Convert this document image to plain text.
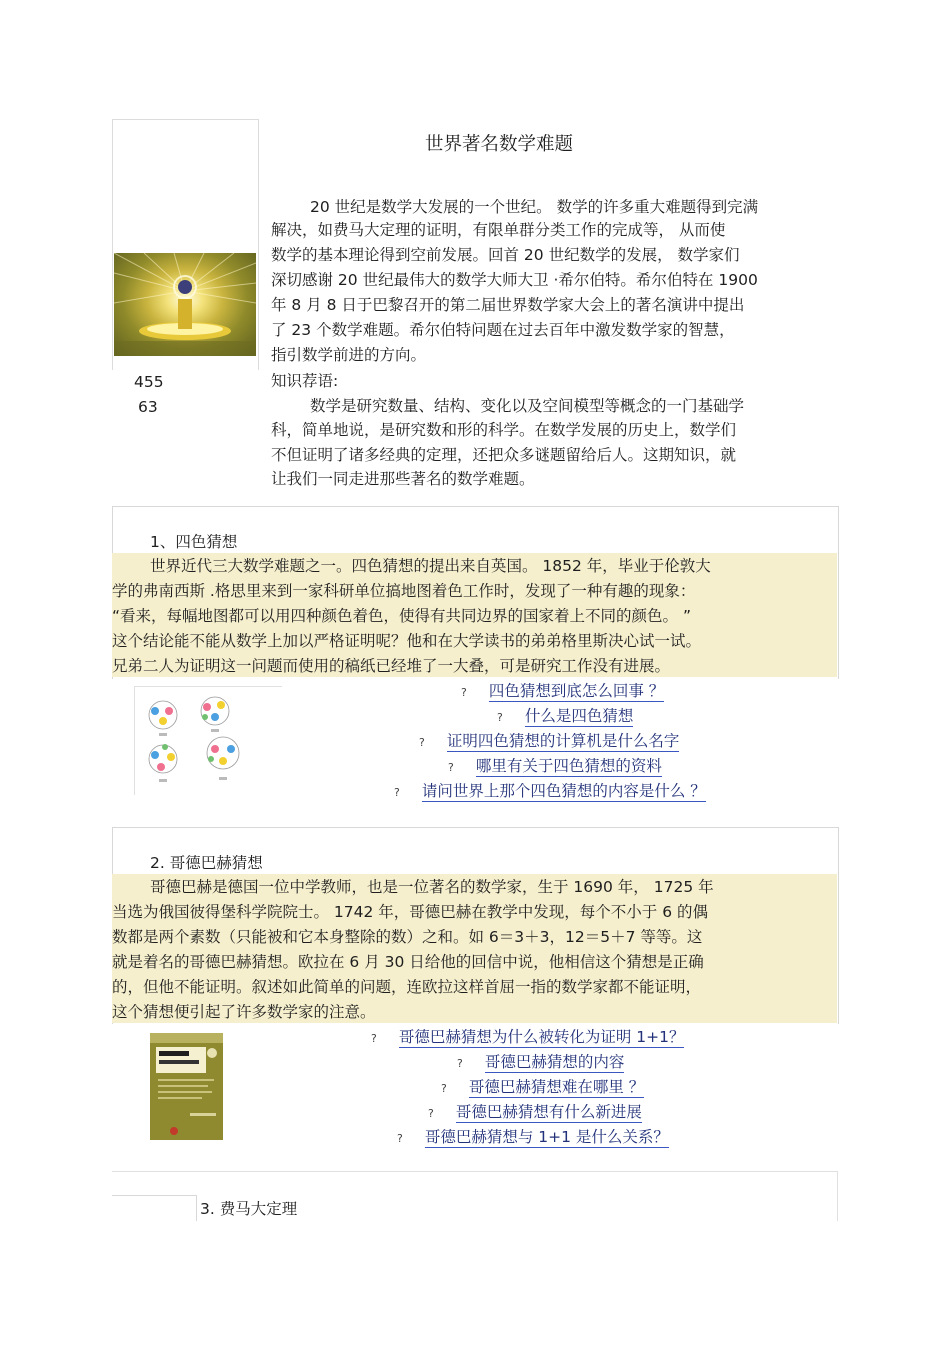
455
63
世界著名数学难题
20 世纪是数学大发展的一个世纪。 数学的许多重大难题得到完满
解决，如费马大定理的证明，有限单群分类工作的完成等， 从而使
数学的基本理论得到空前发展。回首 20 世纪数学的发展， 数学家们
深切感谢 20 世纪最伟大的数学大师大卫 ·希尔伯特。希尔伯特在 1900
年 8 月 8 日于巴黎召开的第二届世界数学家大会上的著名演讲中提出
了 23 个数学难题。希尔伯特问题在过去百年中激发数学家的智慧，
指引数学前进的方向。
知识荐语:
数学是研究数量、结构、变化以及空间模型等概念的一门基础学
科，简单地说，是研究数和形的科学。在数学发展的历史上，数学们
不但证明了诸多经典的定理，还把众多谜题留给后人。这期知识，就
让我们一同走进那些著名的数学难题。
1、四色猜想
世界近代三大数学难题之一。四色猜想的提出来自英国。 1852 年，毕业于伦敦大
学的弗南西斯 .格思里来到一家科研单位搞地图着色工作时，发现了一种有趣的现象：
“看来，每幅地图都可以用四种颜色着色，使得有共同边界的国家着上不同的颜色。 ”
这个结论能不能从数学上加以严格证明呢？他和在大学读书的弟弟格里斯决心试一试。
兄弟二人为证明这一问题而使用的稿纸已经堆了一大叠，可是研究工作没有进展。
? 四色猜想到底怎么回事 ？
? 什么是四色猜想
? 证明四色猜想的计算机是什么名字
? 哪里有关于四色猜想的资料
? 请问世界上那个四色猜想的内容是什么 ？
2. 哥德巴赫猜想
哥德巴赫是德国一位中学教师，也是一位著名的数学家，生于 1690 年， 1725 年
当选为俄国彼得堡科学院院士。 1742 年，哥德巴赫在教学中发现，每个不小于 6 的偶
数都是两个素数（只能被和它本身整除的数）之和。如 6＝3＋3，12＝5＋7 等等。这
就是着名的哥德巴赫猜想。欧拉在 6 月 30 日给他的回信中说，他相信这个猜想是正确
的，但他不能证明。叙述如此简单的问题，连欧拉这样首屈一指的数学家都不能证明，
这个猜想便引起了许多数学家的注意。
? 哥德巴赫猜想为什么被转化为证明 1+1？
? 哥德巴赫猜想的内容
? 哥德巴赫猜想难在哪里 ？
? 哥德巴赫猜想有什么新进展
? 哥德巴赫猜想与 1+1 是什么关系？
3. 费马大定理
